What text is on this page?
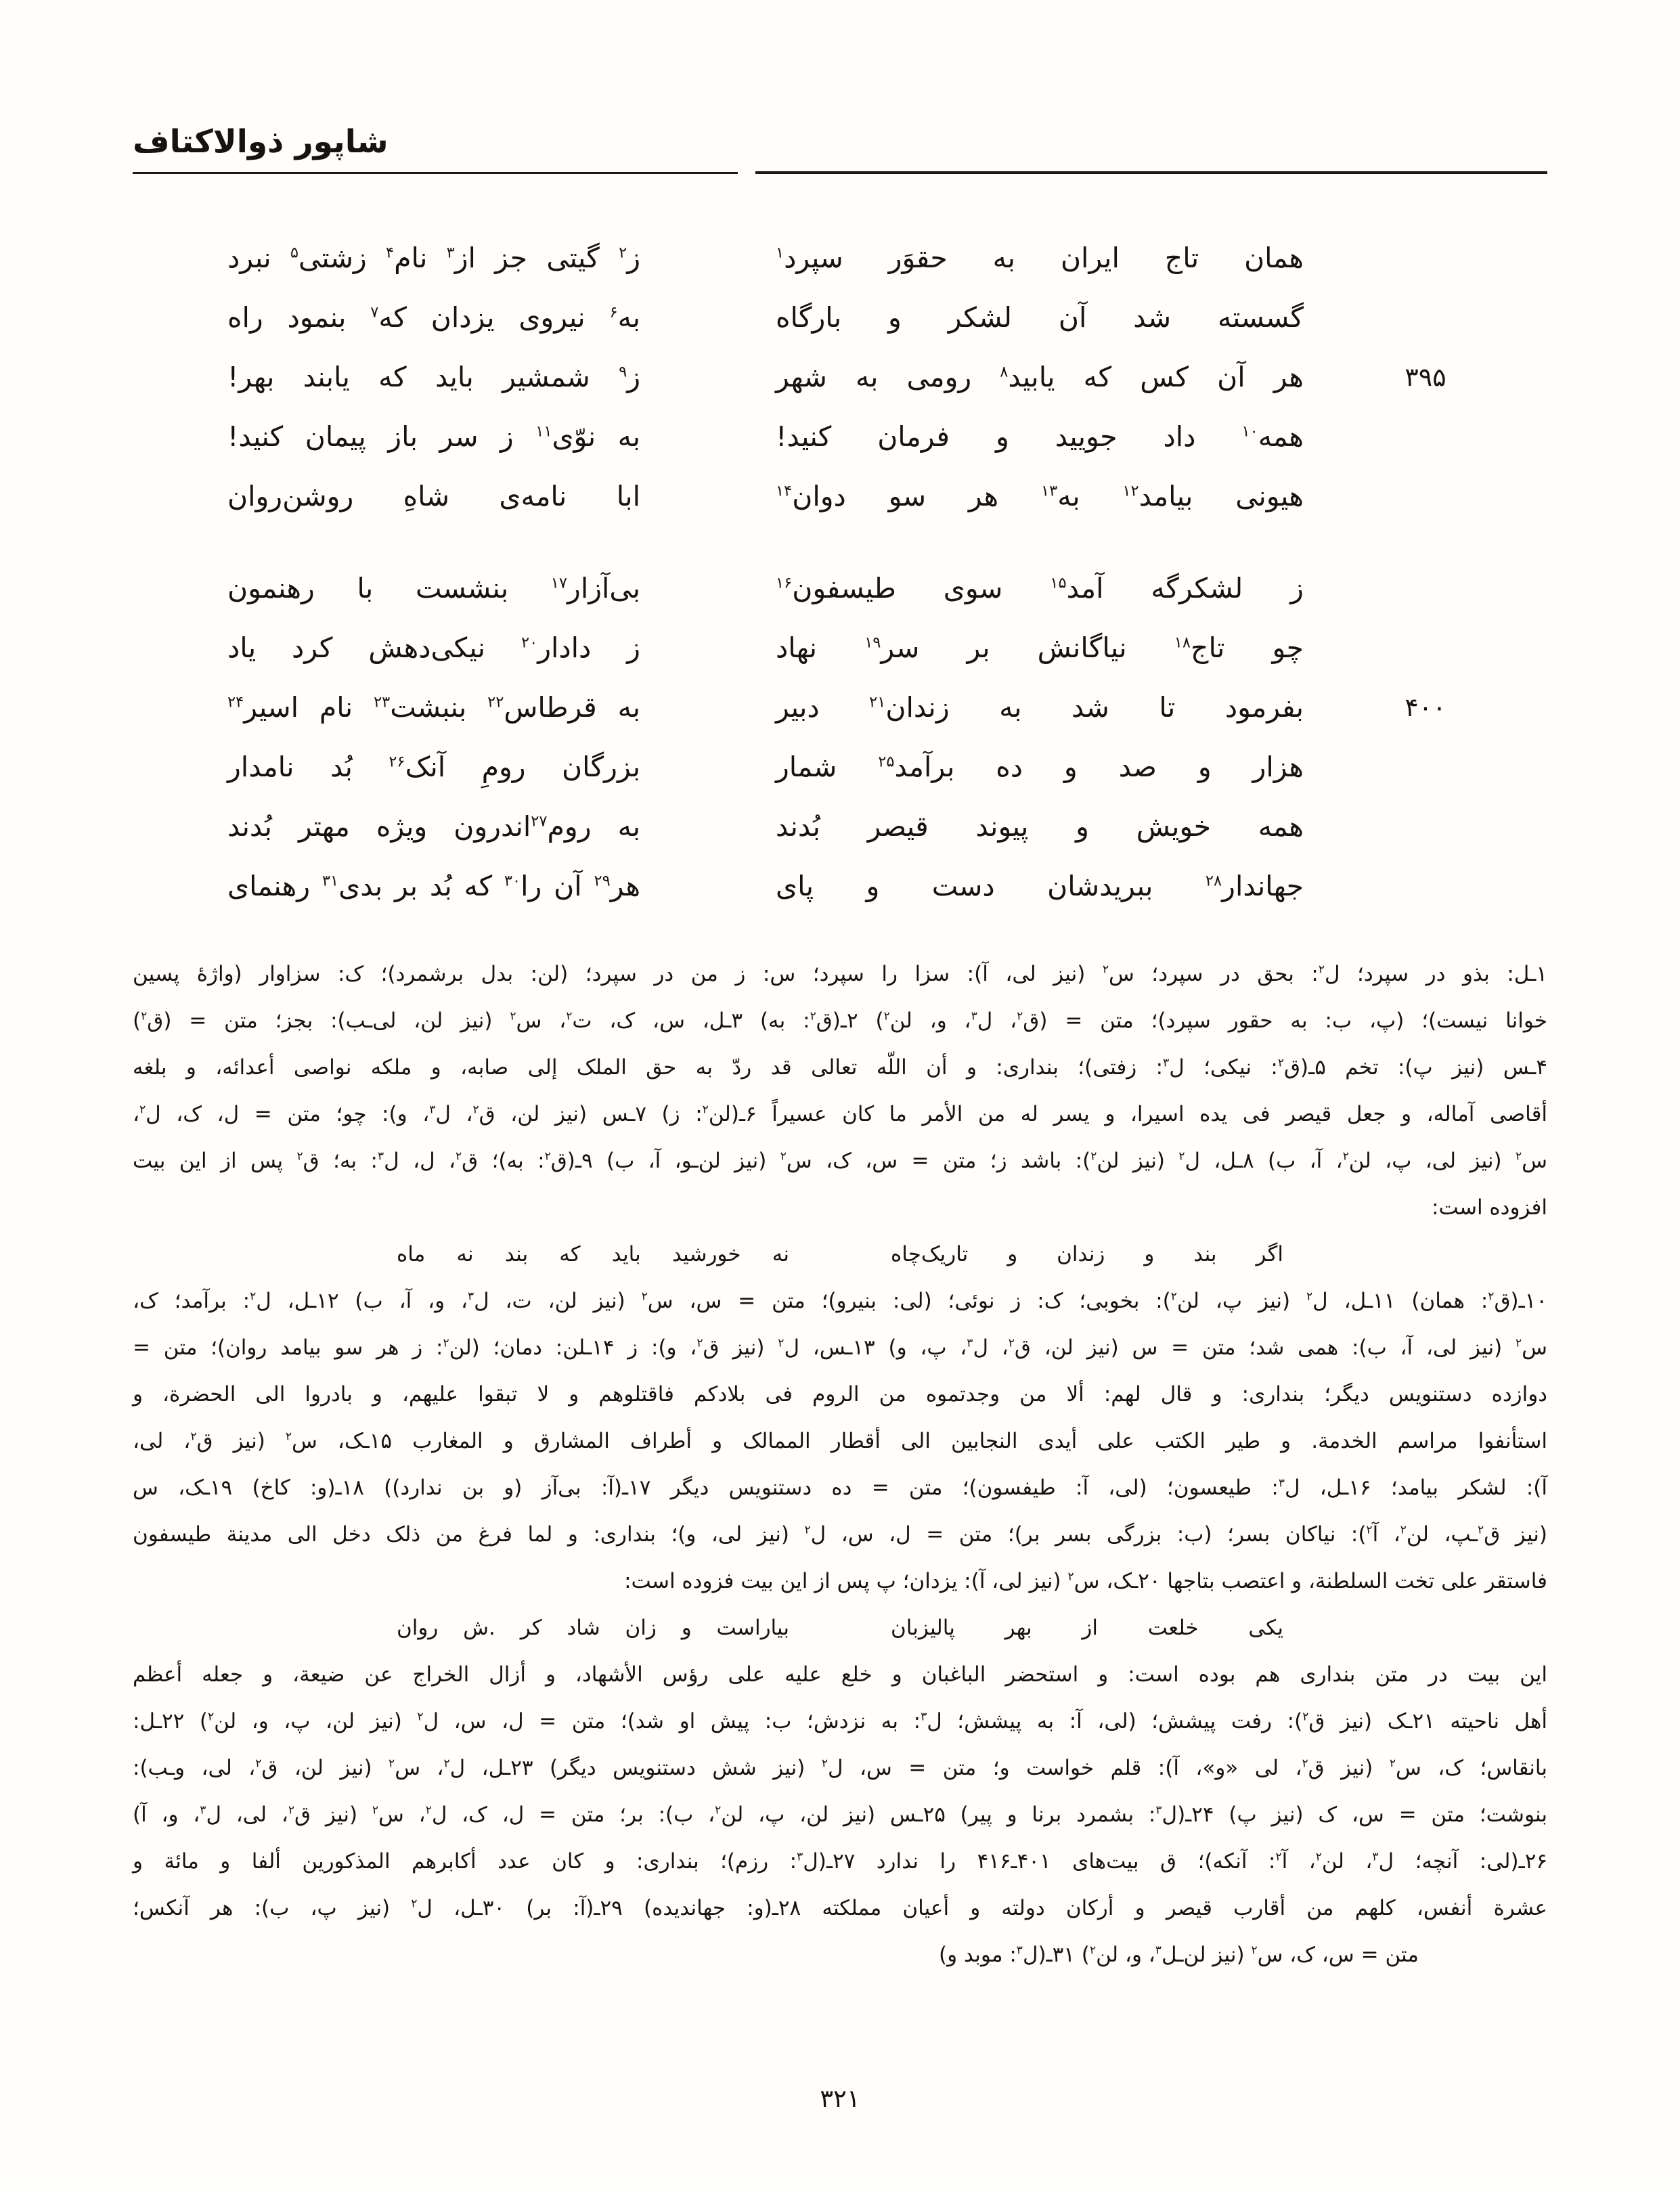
شاپور ذوالاکتاف
همان تاج ایران به حقوَر سپرد$^۱$
ز$^۲$ گیتی جز از$^۳$ نام$^۴$ زشتی$^۵$ نبرد
گسسته شد آن لشکر و بارگاه
به$^۶$ نیروی یزدان که$^۷$ بنمود راه
۳۹۵
هر آن کس که یابید$^۸$ رومی به شهر
ز$^۹$ شمشیر باید که یابند بهر!
همه$^{۱۰}$ داد جویید و فرمان کنید!
به نوّی$^{۱۱}$ ز سر باز پیمان کنید!
هیونی بیامد$^{۱۲}$ به$^{۱۳}$ هر سو دوان$^{۱۴}$
ابا نامه‌ی شاهِ روشن‌روان
ز لشکرگه آمد$^{۱۵}$ سوی طیسفون$^{۱۶}$
بی‌آزار$^{۱۷}$ بنشست با رهنمون
چو تاج$^{۱۸}$ نیاگانش بر سر$^{۱۹}$ نهاد
ز دادار$^{۲۰}$ نیکی‌دهش کرد یاد
۴۰۰
بفرمود تا شد به زندان$^{۲۱}$ دبیر
به قرطاس$^{۲۲}$ بنبشت$^{۲۳}$ نام اسیر$^{۲۴}$
هزار و صد و ده برآمد$^{۲۵}$ شمار
بزرگان رومِ آنک$^{۲۶}$ بُد نامدار
همه خویش و پیوند قیصر بُدند
به روم$^{۲۷}$اندرون ویژه مهتر بُدند
جهاندار$^{۲۸}$ ببریدشان دست و پای
هر$^{۲۹}$ آن را$^{۳۰}$ که بُد بر بدی$^{۳۱}$ رهنمای
۱ـل: بذو در سپرد؛ ل$^۲$: بحق در سپرد؛ س$^۲$ (نیز لی، آ): سزا را سپرد؛ س: ز من در سپرد؛ (لن: بدل برشمرد)؛ ک: سزاوار (واژهٔ پسین
خوانا نیست)؛ (پ، ب: به حقور سپرد)؛ متن = (ق$^۲$، ل$^۳$، و، لن$^۲$) ۲ـ(ق$^۲$: به) ۳ـل، س، ک، ت$^۲$، س$^۲$ (نیز لن، لی‌ـب): بجز؛ متن = (ق$^۲$)
۴ـس (نیز پ): تخم ۵ـ(ق$^۲$: نیکی؛ ل$^۳$: زفتی)؛ بنداری: و أن اللّه تعالی قد ردّ به حق الملک إلی صابه، و ملکه نواصی أعدائه، و بلغه
أقاصی آماله، و جعل قیصر فی یده اسیرا، و یسر له من الأمر ما کان عسیراً ۶ـ(لن$^۲$: ز) ۷ـس (نیز لن، ق$^۲$، ل$^۳$، و): چو؛ متن = ل، ک، ل$^۲$،
س$^۲$ (نیز لی، پ، لن$^۲$، آ، ب) ۸ـل، ل$^۲$ (نیز لن$^۲$): باشد ز؛ متن = س، ک، س$^۲$ (نیز لن‌ـو، آ، ب) ۹ـ(ق$^۲$: به)؛ ق$^۲$، ل، ل$^۳$: به؛ ق$^۲$ پس از این بیت
افزوده است:
اگر بند و زندان و تاریک‌چاه
نه خورشید باید که بند نه ماه
۱۰ـ(ق$^۲$: همان) ۱۱ـل، ل$^۲$ (نیز پ، لن$^۲$): بخوبی؛ ک: ز نوئی؛ (لی: بنیرو)؛ متن = س، س$^۲$ (نیز لن، ت، ل$^۳$، و، آ، ب) ۱۲ـل، ل$^۲$: برآمد؛ ک،
س$^۲$ (نیز لی، آ، ب): همی شد؛ متن = س (نیز لن، ق$^۲$، ل$^۳$، پ، و) ۱۳ـس، ل$^۲$ (نیز ق$^۲$، و): ز ۱۴ـلن: دمان؛ (لن$^۲$: ز هر سو بیامد روان)؛ متن =
دوازده دستنویس دیگر؛ بنداری: و قال لهم: ألا من وجدتموه من الروم فی بلادکم فاقتلوهم و لا تبقوا علیهم، و بادروا الی الحضرة، و
استأنفوا مراسم الخدمة. و طیر الکتب علی أیدی النجابین الی أقطار الممالک و أطراف المشارق و المغارب ۱۵ـک، س$^۲$ (نیز ق$^۲$، لی،
آ): لشکر بیامد؛ ۱۶ـل، ل$^۳$: طیعسون؛ (لی، آ: طیفسون)؛ متن = ده دستنویس دیگر ۱۷ـ(آ: بی‌آز (و بن ندارد)) ۱۸ـ(و: کاخ) ۱۹ـک، س
(نیز ق$^۲$ـپ، لن$^۲$، آ$^۲$): نیاکان بسر؛ (ب: بزرگی بسر بر)؛ متن = ل، س، ل$^۲$ (نیز لی، و)؛ بنداری: و لما فرغ من ذلک دخل الی مدینة طیسفون
فاستقر علی تخت السلطنة، و اعتصب بتاجها ۲۰ـک، س$^۲$ (نیز لی، آ): یزدان؛ پ پس از این بیت فزوده است:
یکی خلعت از بهر پالیزبان
بیاراست و زان شاد کر .ش روان
این بیت در متن بنداری هم بوده است: و استحضر الباغبان و خلع علیه علی رؤس الأشهاد، و أزال الخراج عن ضیعة، و جعله أعظم
أهل ناحیته ۲۱ـک (نیز ق$^۲$): رفت پیشش؛ (لی، آ: به پیشش؛ ل$^۳$: به نزدش؛ ب: پیش او شد)؛ متن = ل، س، ل$^۲$ (نیز لن، پ، و، لن$^۲$) ۲۲ـل:
بانقاس؛ ک، س$^۲$ (نیز ق$^۲$، لی «و»، آ): قلم خواست و؛ متن = س، ل$^۲$ (نیز شش دستنویس دیگر) ۲۳ـل، ل$^۲$، س$^۲$ (نیز لن، ق$^۲$، لی، وـب):
بنوشت؛ متن = س، ک (نیز پ) ۲۴ـ(ل$^۳$: بشمرد برنا و پیر) ۲۵ـس (نیز لن، پ، لن$^۲$، ب): بر؛ متن = ل، ک، ل$^۲$، س$^۲$ (نیز ق$^۲$، لی، ل$^۳$، و، آ)
۲۶ـ(لی: آنچه؛ ل$^۳$، لن$^۲$، آ$^۲$: آنکه)؛ ق بیت‌های ۴۰۱ـ۴۱۶ را ندارد ۲۷ـ(ل$^۳$: رزم)؛ بنداری: و کان عدد أکابرهم المذکورین ألفا و مائة و
عشرة أنفس، کلهم من أقارب قیصر و أرکان دولته و أعیان مملکته ۲۸ـ(و: جهاندیده) ۲۹ـ(آ: بر) ۳۰ـل، ل$^۲$ (نیز پ، ب): هر آنکس؛
متن = س، ک، س$^۲$ (نیز لن‌ـل$^۳$، و، لن$^۲$) ۳۱ـ(ل$^۳$: موبد و)
۳۲۱
